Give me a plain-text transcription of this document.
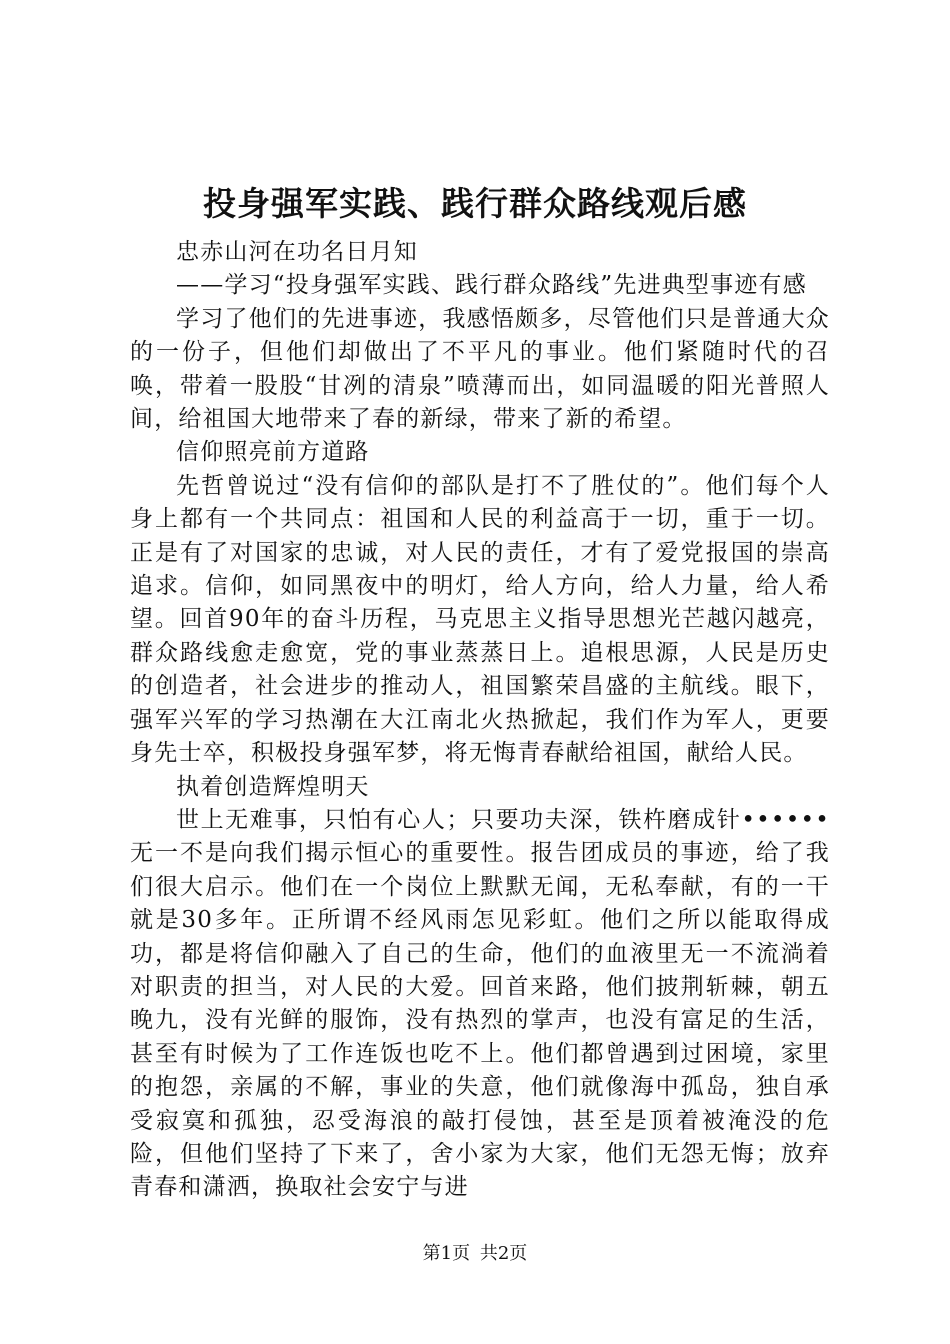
投身强军实践、践行群众路线观后感

忠赤山河在功名日月知

——学习“投身强军实践、践行群众路线”先进典型事迹有感

学习了他们的先进事迹，我感悟颇多，尽管他们只是普通大众的一份子，但他们却做出了不平凡的事业。他们紧随时代的召唤，带着一股股“甘冽的清泉”喷薄而出，如同温暖的阳光普照人间，给祖国大地带来了春的新绿，带来了新的希望。

信仰照亮前方道路

先哲曾说过“没有信仰的部队是打不了胜仗的”。他们每个人身上都有一个共同点：祖国和人民的利益高于一切，重于一切。正是有了对国家的忠诚，对人民的责任，才有了爱党报国的崇高追求。信仰，如同黑夜中的明灯，给人方向，给人力量，给人希望。回首90年的奋斗历程，马克思主义指导思想光芒越闪越亮，群众路线愈走愈宽，党的事业蒸蒸日上。追根思源，人民是历史的创造者，社会进步的推动人，祖国繁荣昌盛的主航线。眼下，强军兴军的学习热潮在大江南北火热掀起，我们作为军人，更要身先士卒，积极投身强军梦，将无悔青春献给祖国，献给人民。

执着创造辉煌明天

世上无难事，只怕有心人；只要功夫深，铁杵磨成针••••••无一不是向我们揭示恒心的重要性。报告团成员的事迹，给了我们很大启示。他们在一个岗位上默默无闻，无私奉献，有的一干就是30多年。正所谓不经风雨怎见彩虹。他们之所以能取得成功，都是将信仰融入了自己的生命，他们的血液里无一不流淌着对职责的担当，对人民的大爱。回首来路，他们披荆斩棘，朝五晚九，没有光鲜的服饰，没有热烈的掌声，也没有富足的生活，甚至有时候为了工作连饭也吃不上。他们都曾遇到过困境，家里的抱怨，亲属的不解，事业的失意，他们就像海中孤岛，独自承受寂寞和孤独，忍受海浪的敲打侵蚀，甚至是顶着被淹没的危险，但他们坚持了下来了，舍小家为大家，他们无怨无悔；放弃青春和潇洒，换取社会安宁与进

第1页 共2页
